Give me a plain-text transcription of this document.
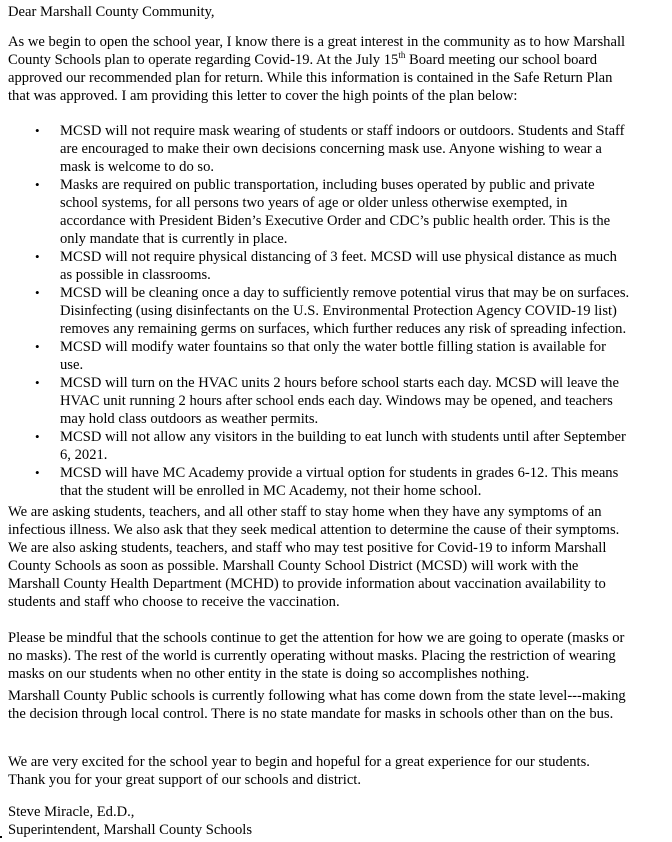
Dear Marshall County Community,
As we begin to open the school year, I know there is a great interest in the community as to how Marshall
County Schools plan to operate regarding Covid-19. At the July 15th Board meeting our school board
approved our recommended plan for return. While this information is contained in the Safe Return Plan
that was approved. I am providing this letter to cover the high points of the plan below:
• MCSD will not require mask wearing of students or staff indoors or outdoors. Students and Staff
are encouraged to make their own decisions concerning mask use. Anyone wishing to wear a
mask is welcome to do so.
• Masks are required on public transportation, including buses operated by public and private
school systems, for all persons two years of age or older unless otherwise exempted, in
accordance with President Biden’s Executive Order and CDC’s public health order. This is the
only mandate that is currently in place.
• MCSD will not require physical distancing of 3 feet. MCSD will use physical distance as much
as possible in classrooms.
• MCSD will be cleaning once a day to sufficiently remove potential virus that may be on surfaces.
Disinfecting (using disinfectants on the U.S. Environmental Protection Agency COVID-19 list)
removes any remaining germs on surfaces, which further reduces any risk of spreading infection.
• MCSD will modify water fountains so that only the water bottle filling station is available for
use.
• MCSD will turn on the HVAC units 2 hours before school starts each day. MCSD will leave the
HVAC unit running 2 hours after school ends each day. Windows may be opened, and teachers
may hold class outdoors as weather permits.
• MCSD will not allow any visitors in the building to eat lunch with students until after September
6, 2021.
• MCSD will have MC Academy provide a virtual option for students in grades 6-12. This means
that the student will be enrolled in MC Academy, not their home school.
We are asking students, teachers, and all other staff to stay home when they have any symptoms of an
infectious illness. We also ask that they seek medical attention to determine the cause of their symptoms.
We are also asking students, teachers, and staff who may test positive for Covid-19 to inform Marshall
County Schools as soon as possible. Marshall County School District (MCSD) will work with the
Marshall County Health Department (MCHD) to provide information about vaccination availability to
students and staff who choose to receive the vaccination.
Please be mindful that the schools continue to get the attention for how we are going to operate (masks or
no masks). The rest of the world is currently operating without masks. Placing the restriction of wearing
masks on our students when no other entity in the state is doing so accomplishes nothing.
Marshall County Public schools is currently following what has come down from the state level---making
the decision through local control. There is no state mandate for masks in schools other than on the bus.
We are very excited for the school year to begin and hopeful for a great experience for our students.
Thank you for your great support of our schools and district.
Steve Miracle, Ed.D.,
Superintendent, Marshall County Schools
